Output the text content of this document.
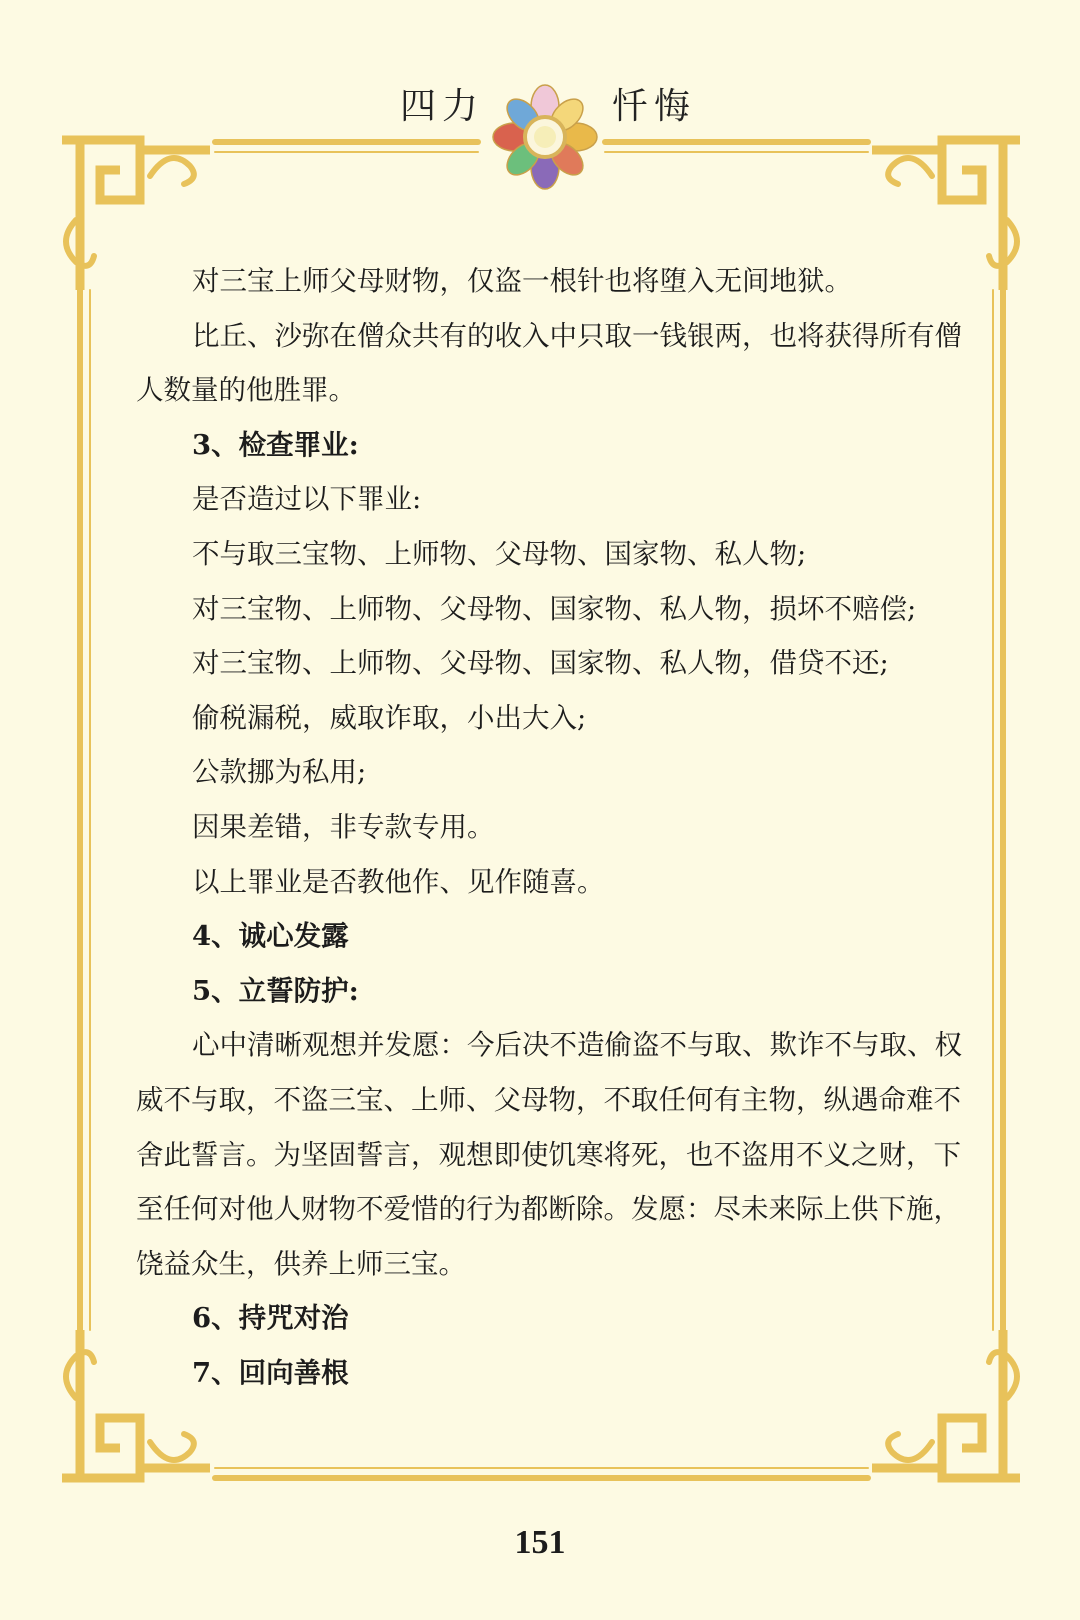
四力	忏悔

对三宝上师父母财物，仅盗一根针也将堕入无间地狱。

比丘、沙弥在僧众共有的收入中只取一钱银两，也将获得所有僧人数量的他胜罪。

3、检查罪业:

是否造过以下罪业:

不与取三宝物、上师物、父母物、国家物、私人物;

对三宝物、上师物、父母物、国家物、私人物，损坏不赔偿;

对三宝物、上师物、父母物、国家物、私人物，借贷不还;

偷税漏税，威取诈取，小出大入;

公款挪为私用;

因果差错，非专款专用。

以上罪业是否教他作、见作随喜。

4、诚心发露

5、立誓防护:

心中清晰观想并发愿：今后决不造偷盗不与取、欺诈不与取、权威不与取，不盗三宝、上师、父母物，不取任何有主物，纵遇命难不舍此誓言。为坚固誓言，观想即使饥寒将死，也不盗用不义之财，下至任何对他人财物不爱惜的行为都断除。发愿：尽未来际上供下施，饶益众生，供养上师三宝。

6、持咒对治

7、回向善根

151
